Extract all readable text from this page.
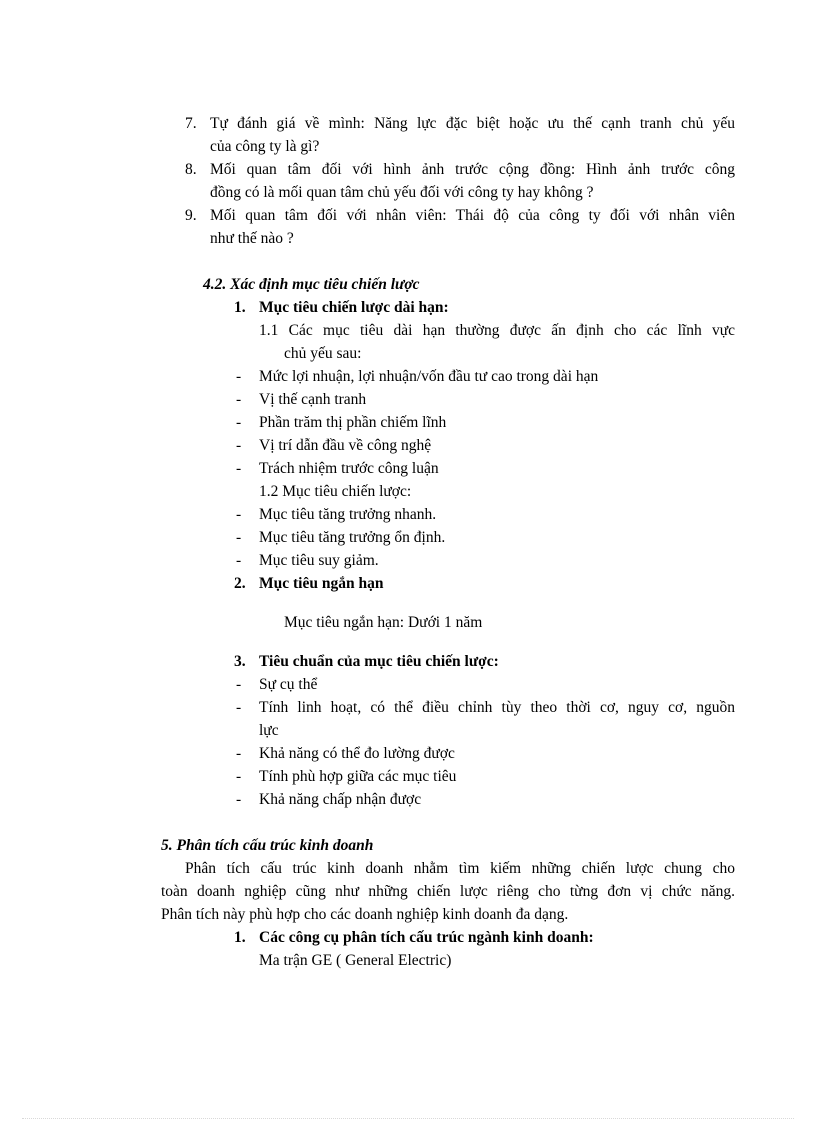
7. Tự đánh giá về mình: Năng lực đặc biệt hoặc ưu thế cạnh tranh chủ yếu
của công ty là gì?
8. Mối quan tâm đối với hình ảnh trước cộng đồng: Hình ảnh trước công
đồng có là mối quan tâm chủ yếu đối với công ty hay không ?
9. Mối quan tâm đối với nhân viên: Thái độ của công ty đối với nhân viên
như thế nào ?
4.2. Xác định mục tiêu chiến lược
1. Mục tiêu chiến lược dài hạn:
1.1 Các mục tiêu dài hạn thường được ấn định cho các lĩnh vực
chủ yếu sau:
- Mức lợi nhuận, lợi nhuận/vốn đầu tư cao trong dài hạn
- Vị thế cạnh tranh
- Phần trăm thị phần chiếm lĩnh
- Vị trí dẫn đầu về công nghệ
- Trách nhiệm trước công luận
1.2 Mục tiêu chiến lược:
- Mục tiêu tăng trưởng nhanh.
- Mục tiêu tăng trưởng ổn định.
- Mục tiêu suy giảm.
2. Mục tiêu ngắn hạn
Mục tiêu ngắn hạn: Dưới 1 năm
3. Tiêu chuẩn của mục tiêu chiến lược:
- Sự cụ thể
- Tính linh hoạt, có thể điều chỉnh tùy theo thời cơ, nguy cơ, nguồn
lực
- Khả năng có thể đo lường được
- Tính phù hợp giữa các mục tiêu
- Khả năng chấp nhận được
5. Phân tích cấu trúc kinh doanh
Phân tích cấu trúc kinh doanh nhằm tìm kiếm những chiến lược chung cho
toàn doanh nghiệp cũng như những chiến lược riêng cho từng đơn vị chức năng.
Phân tích này phù hợp cho các doanh nghiệp kinh doanh đa dạng.
1. Các công cụ phân tích cấu trúc ngành kinh doanh:
Ma trận GE ( General Electric)
